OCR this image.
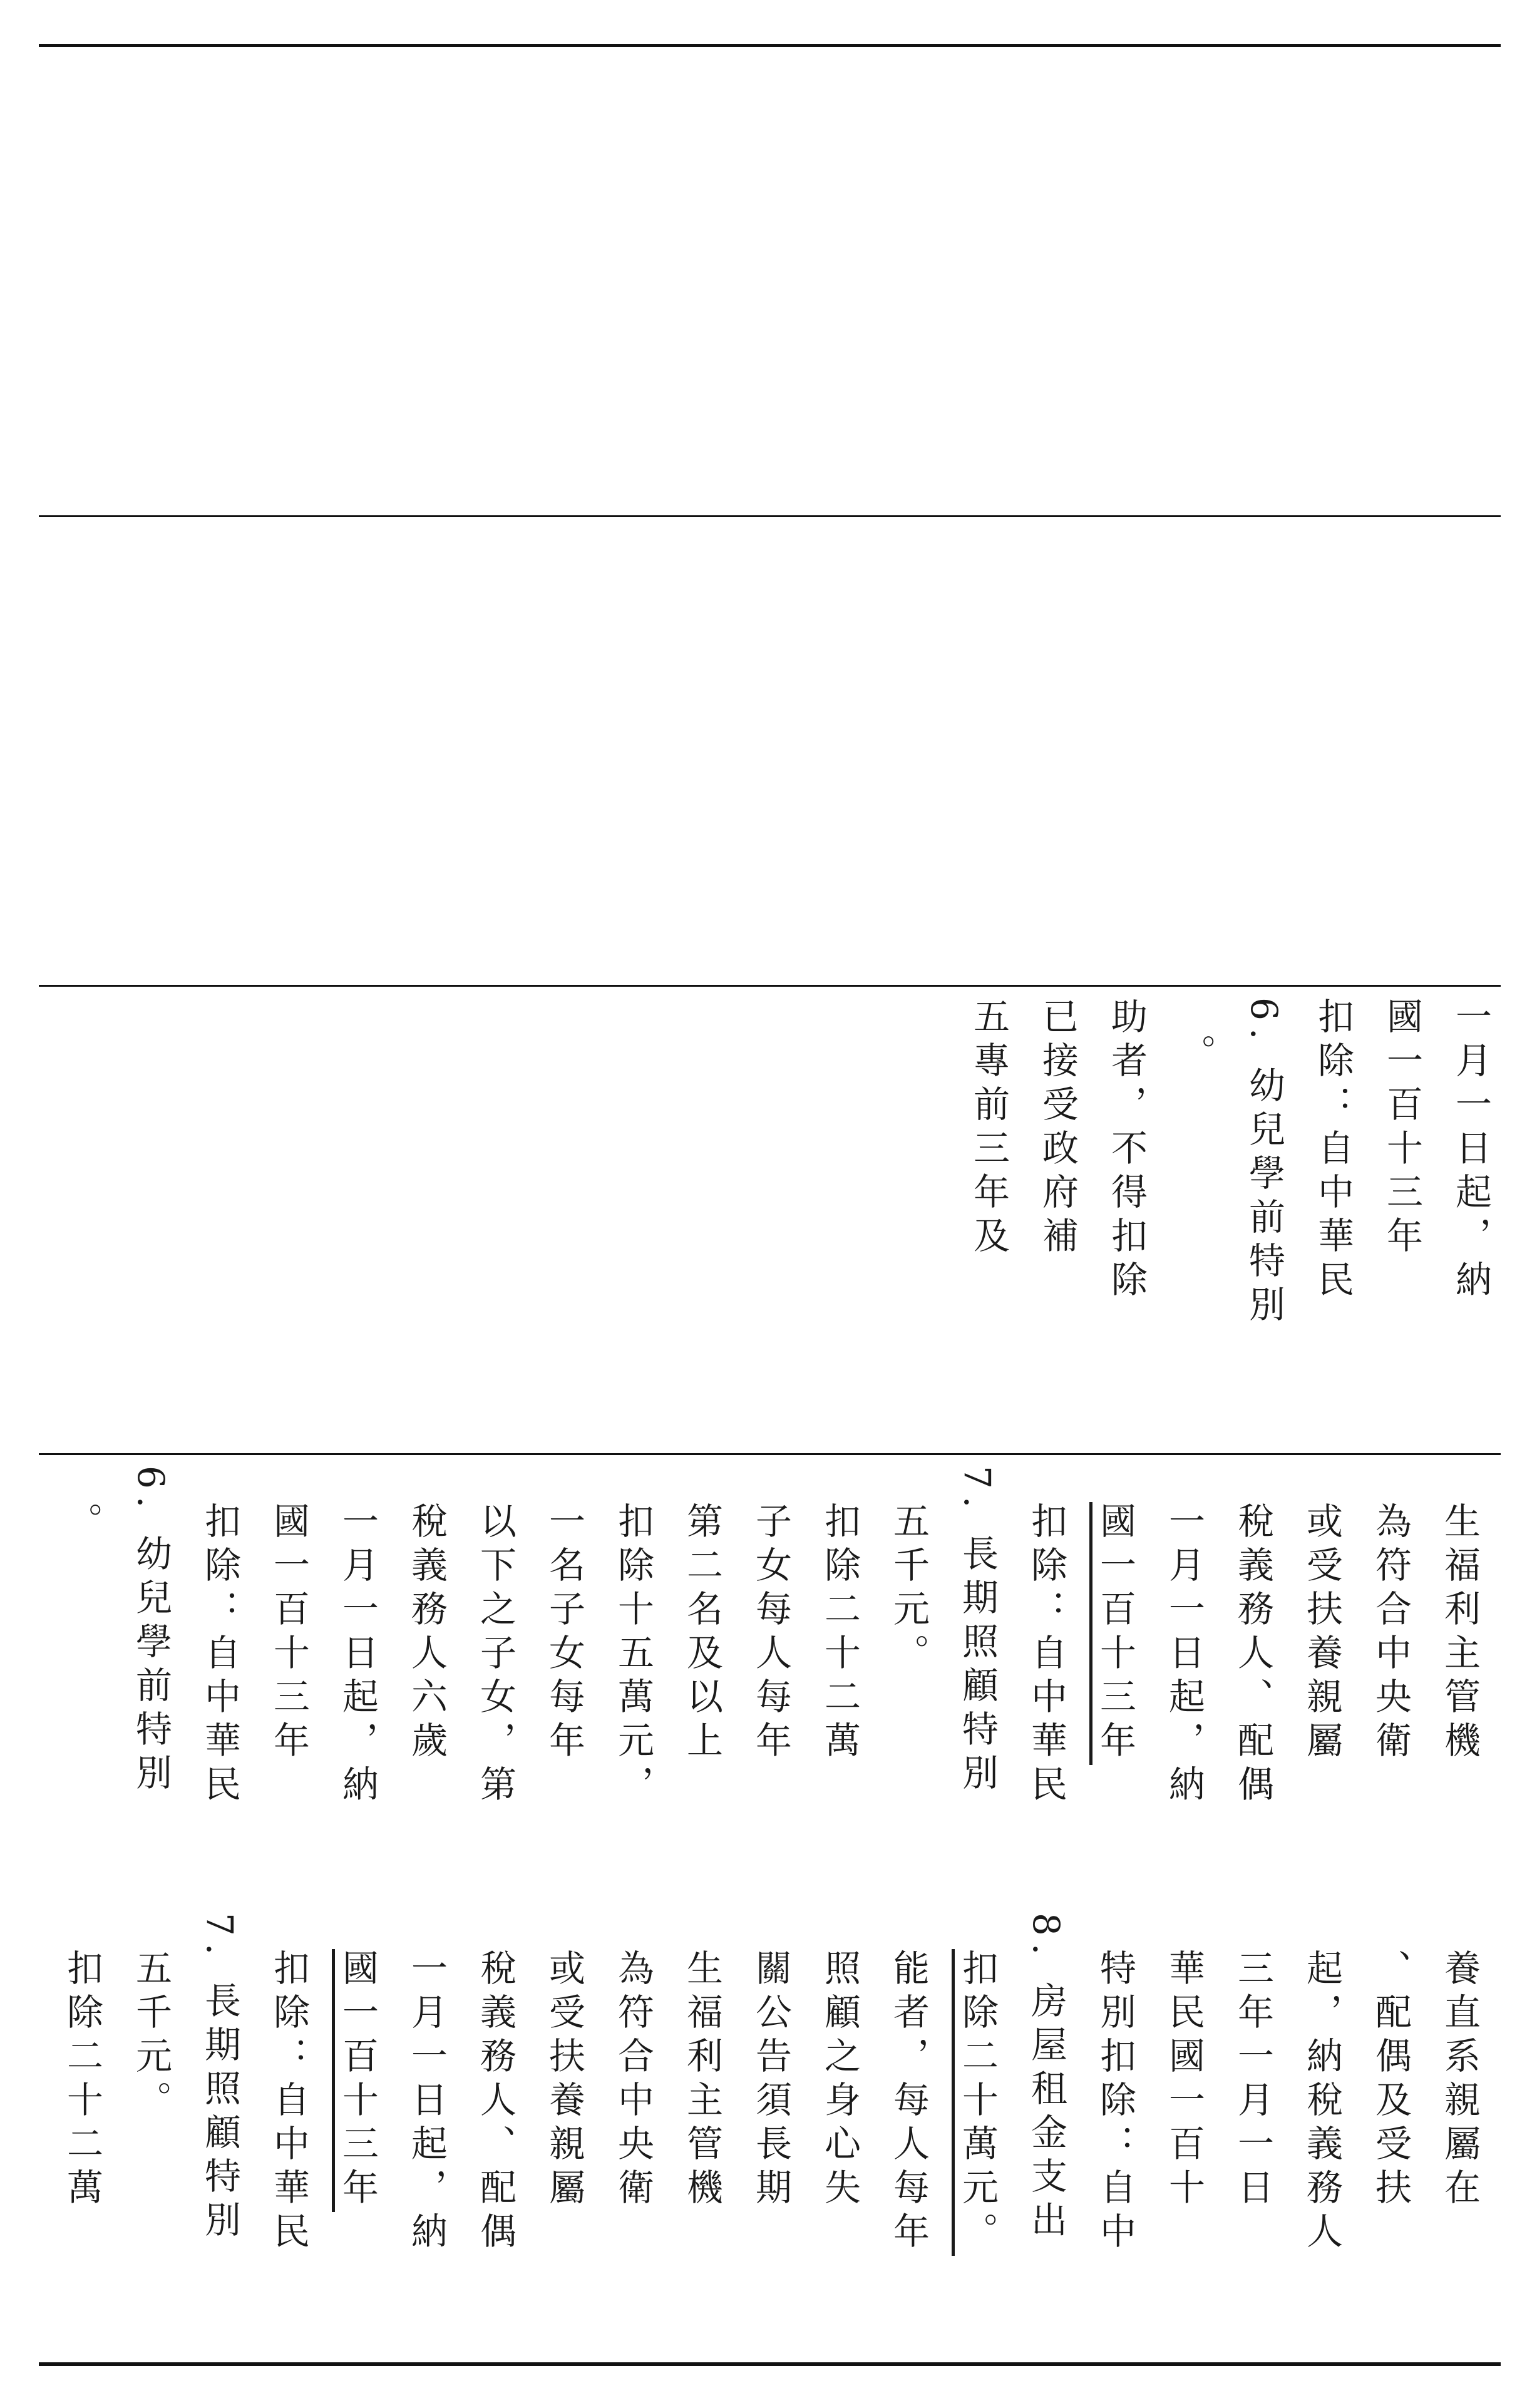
五專前三年及 已接受政府補 助者，不得扣除 。 6. 幼兒學前特別 扣除：自中華民 國一百十三年 一月一日起，納
。 6. 幼兒學前特別 扣除：自中華民 國一百十三年 一月一日起，納 稅義務人六歲 以下之子女，第 一名子女每年 扣除十五萬元， 第二名及以上 子女每人每年 扣除二十二萬 五千元。 7. 長期照顧特別 扣除：自中華民 國一百十三年 一月一日起，納 稅義務人、配偶 或受扶養親屬 為符合中央衛 生福利主管機
扣除二十二萬 五千元。 7. 長期照顧特別 扣除：自中華民 國一百十三年 一月一日起，納 稅義務人、配偶 或受扶養親屬 為符合中央衛 生福利主管機 關公告須長期 照顧之身心失 能者，每人每年 扣除二十萬元。 8. 房屋租金支出 特別扣除：自中 華民國一百十 三年一月一日 起，納稅義務人 、配偶及受扶 養直系親屬在
